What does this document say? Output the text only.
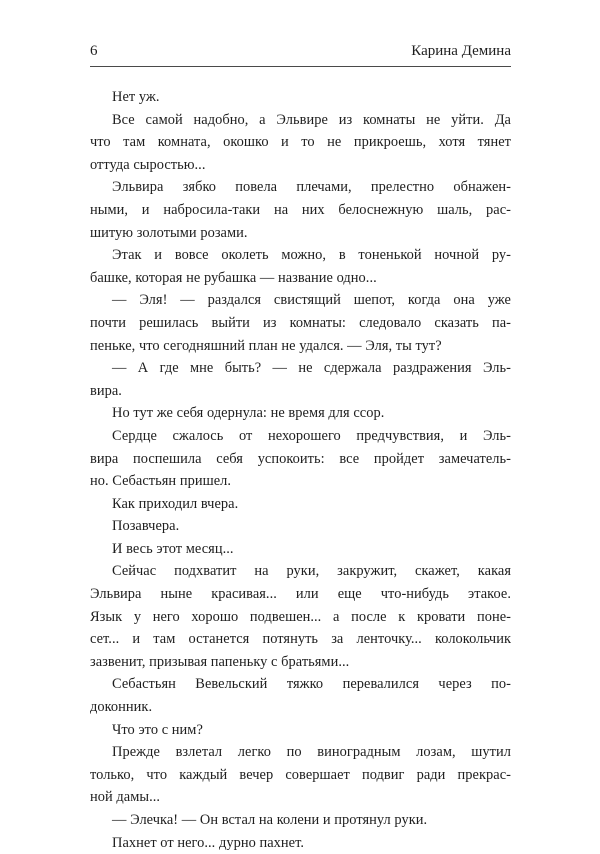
6	Карина Демина

Нет уж.

Все самой надобно, а Эльвире из комнаты не уйти. Да
что там комната, окошко и то не прикроешь, хотя тянет
оттуда сыростью...

Эльвира зябко повела плечами, прелестно обнажен-
ными, и набросила-таки на них белоснежную шаль, рас-
шитую золотыми розами.

Этак и вовсе околеть можно, в тоненькой ночной ру-
башке, которая не рубашка — название одно...

— Эля! — раздался свистящий шепот, когда она уже
почти решилась выйти из комнаты: следовало сказать па-
пеньке, что сегодняшний план не удался. — Эля, ты тут?

— А где мне быть? — не сдержала раздражения Эль-
вира.

Но тут же себя одернула: не время для ссор.

Сердце сжалось от нехорошего предчувствия, и Эль-
вира поспешила себя успокоить: все пройдет замечатель-
но. Себастьян пришел.

Как приходил вчера.

Позавчера.

И весь этот месяц...

Сейчас подхватит на руки, закружит, скажет, какая
Эльвира ныне красивая... или еще что-нибудь этакое.
Язык у него хорошо подвешен... а после к кровати понe-
сет... и там останется потянуть за ленточку... колокольчик
зазвенит, призывая папеньку с братьями...

Себастьян Вевельский тяжко перевалился через по-
доконник.

Что это с ним?

Прежде взлетал легко по виноградным лозам, шутил
только, что каждый вечер совершает подвиг ради прекрас-
ной дамы...

— Элечка! — Он встал на колени и протянул руки.

Пахнет от него... дурно пахнет.
